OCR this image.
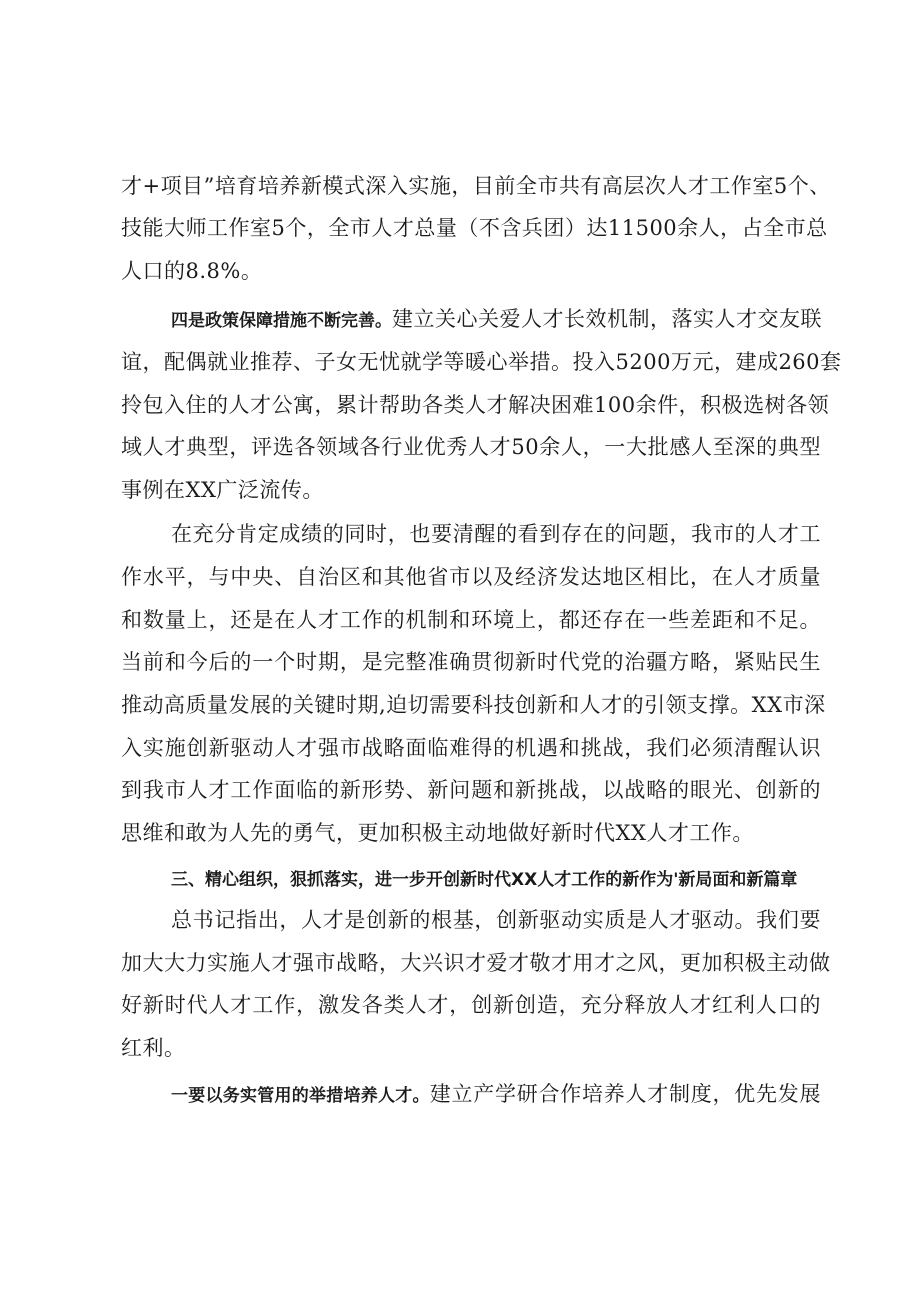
才+项目”培育培养新模式深入实施，目前全市共有高层次人才工作室5个、
技能大师工作室5个，全市人才总量（不含兵团）达11500余人，占全市总
人口的8.8%。
四是政策保障措施不断完善。建立关心关爱人才长效机制，落实人才交友联
谊，配偶就业推荐、子女无忧就学等暖心举措。投入5200万元，建成260套
拎包入住的人才公寓，累计帮助各类人才解决困难100余件，积极选树各领
域人才典型，评选各领域各行业优秀人才50余人，一大批感人至深的典型
事例在XX广泛流传。
在充分肯定成绩的同时，也要清醒的看到存在的问题，我市的人才工
作水平，与中央、自治区和其他省市以及经济发达地区相比，在人才质量
和数量上，还是在人才工作的机制和环境上，都还存在一些差距和不足。
当前和今后的一个时期，是完整准确贯彻新时代党的治疆方略，紧贴民生
推动高质量发展的关键时期,迫切需要科技创新和人才的引领支撑。XX市深
入实施创新驱动人才强市战略面临难得的机遇和挑战，我们必须清醒认识
到我市人才工作面临的新形势、新问题和新挑战，以战略的眼光、创新的
思维和敢为人先的勇气，更加积极主动地做好新时代XX人才工作。
三、精心组织，狠抓落实，进一步开创新时代XX人才工作的新作为'新局面和新篇章
总书记指出，人才是创新的根基，创新驱动实质是人才驱动。我们要
加大大力实施人才强市战略，大兴识才爱才敬才用才之风，更加积极主动做
好新时代人才工作，激发各类人才，创新创造，充分释放人才红利人口的
红利。
一要以务实管用的举措培养人才。建立产学研合作培养人才制度，优先发展
